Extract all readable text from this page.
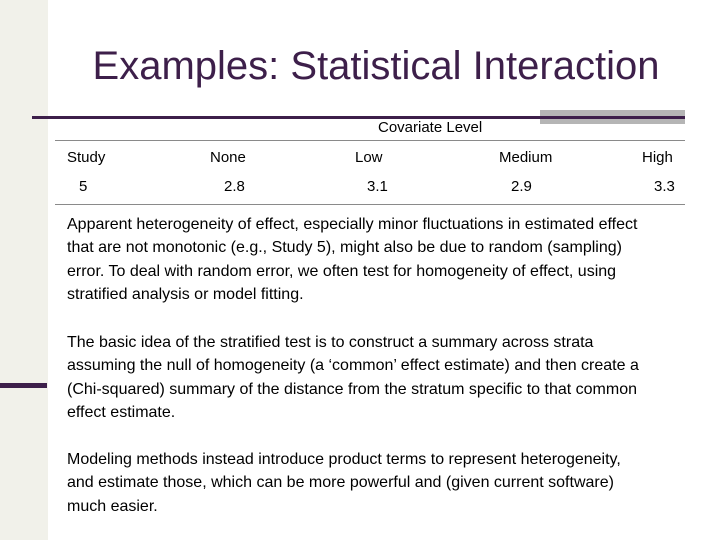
Examples: Statistical Interaction
Covariate Level
Study	None	Low	Medium	High
5	2.8	3.1	2.9	3.3
Apparent heterogeneity of effect, especially minor fluctuations in estimated effect
that are not monotonic (e.g., Study 5), might also be due to random (sampling)
error. To deal with random error, we often test for homogeneity of effect, using
stratified analysis or model fitting.
The basic idea of the stratified test is to construct a summary across strata
assuming the null of homogeneity (a ‘common’ effect estimate) and then create a
(Chi-squared) summary of the distance from the stratum specific to that common
effect estimate.
Modeling methods instead introduce product terms to represent heterogeneity,
and estimate those, which can be more powerful and (given current software)
much easier.
